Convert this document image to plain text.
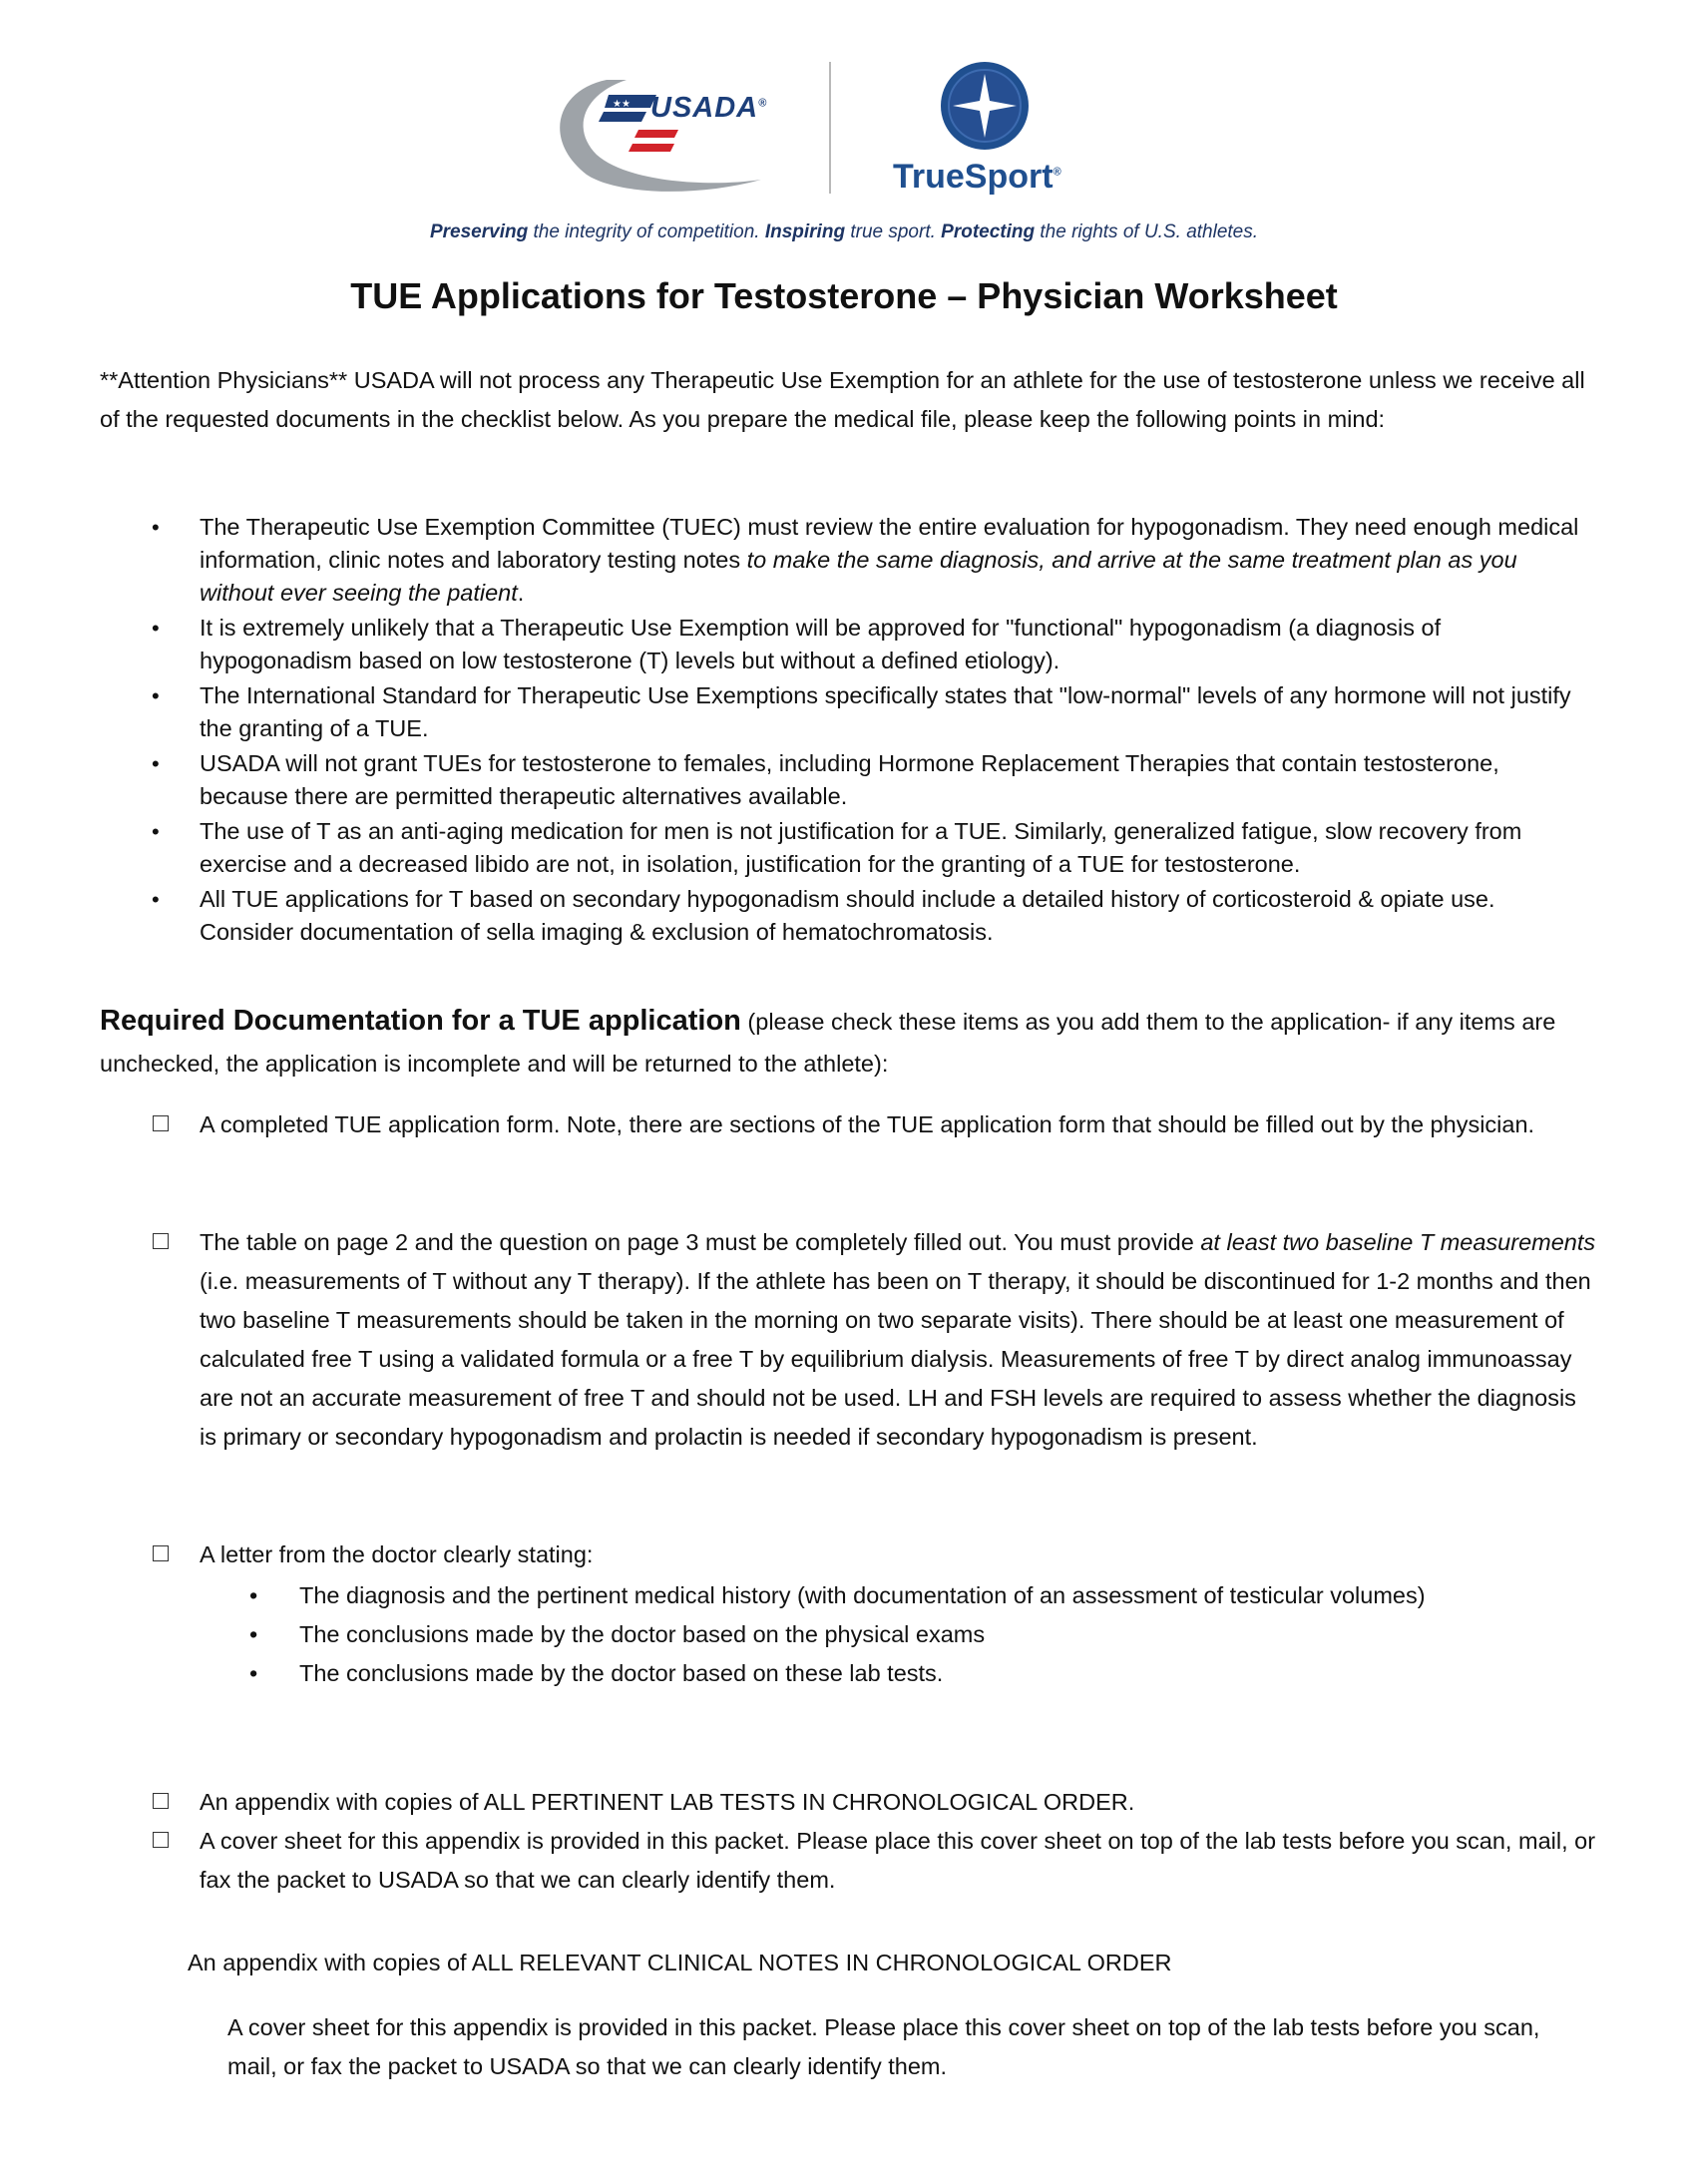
★★ USADA®
TrueSport®
Preserving the integrity of competition. Inspiring true sport. Protecting the rights of U.S. athletes.
TUE Applications for Testosterone – Physician Worksheet
**Attention Physicians** USADA will not process any Therapeutic Use Exemption for an athlete for the use of testosterone unless we receive all of the requested documents in the checklist below. As you prepare the medical file, please keep the following points in mind:
• The Therapeutic Use Exemption Committee (TUEC) must review the entire evaluation for hypogonadism. They need enough medical information, clinic notes and laboratory testing notes to make the same diagnosis, and arrive at the same treatment plan as you without ever seeing the patient.
• It is extremely unlikely that a Therapeutic Use Exemption will be approved for "functional" hypogonadism (a diagnosis of hypogonadism based on low testosterone (T) levels but without a defined etiology).
• The International Standard for Therapeutic Use Exemptions specifically states that "low-normal" levels of any hormone will not justify the granting of a TUE.
• USADA will not grant TUEs for testosterone to females, including Hormone Replacement Therapies that contain testosterone, because there are permitted therapeutic alternatives available.
• The use of T as an anti-aging medication for men is not justification for a TUE. Similarly, generalized fatigue, slow recovery from exercise and a decreased libido are not, in isolation, justification for the granting of a TUE for testosterone.
• All TUE applications for T based on secondary hypogonadism should include a detailed history of corticosteroid & opiate use. Consider documentation of sella imaging & exclusion of hematochromatosis.
Required Documentation for a TUE application (please check these items as you add them to the application- if any items are unchecked, the application is incomplete and will be returned to the athlete):
A completed TUE application form. Note, there are sections of the TUE application form that should be filled out by the physician.
The table on page 2 and the question on page 3 must be completely filled out. You must provide at least two baseline T measurements (i.e. measurements of T without any T therapy). If the athlete has been on T therapy, it should be discontinued for 1-2 months and then two baseline T measurements should be taken in the morning on two separate visits). There should be at least one measurement of calculated free T using a validated formula or a free T by equilibrium dialysis. Measurements of free T by direct analog immunoassay are not an accurate measurement of free T and should not be used. LH and FSH levels are required to assess whether the diagnosis is primary or secondary hypogonadism and prolactin is needed if secondary hypogonadism is present.
A letter from the doctor clearly stating:
• The diagnosis and the pertinent medical history (with documentation of an assessment of testicular volumes)
• The conclusions made by the doctor based on the physical exams
• The conclusions made by the doctor based on these lab tests.
An appendix with copies of ALL PERTINENT LAB TESTS IN CHRONOLOGICAL ORDER.
A cover sheet for this appendix is provided in this packet. Please place this cover sheet on top of the lab tests before you scan, mail, or fax the packet to USADA so that we can clearly identify them.
An appendix with copies of ALL RELEVANT CLINICAL NOTES IN CHRONOLOGICAL ORDER
A cover sheet for this appendix is provided in this packet. Please place this cover sheet on top of the lab tests before you scan, mail, or fax the packet to USADA so that we can clearly identify them.
